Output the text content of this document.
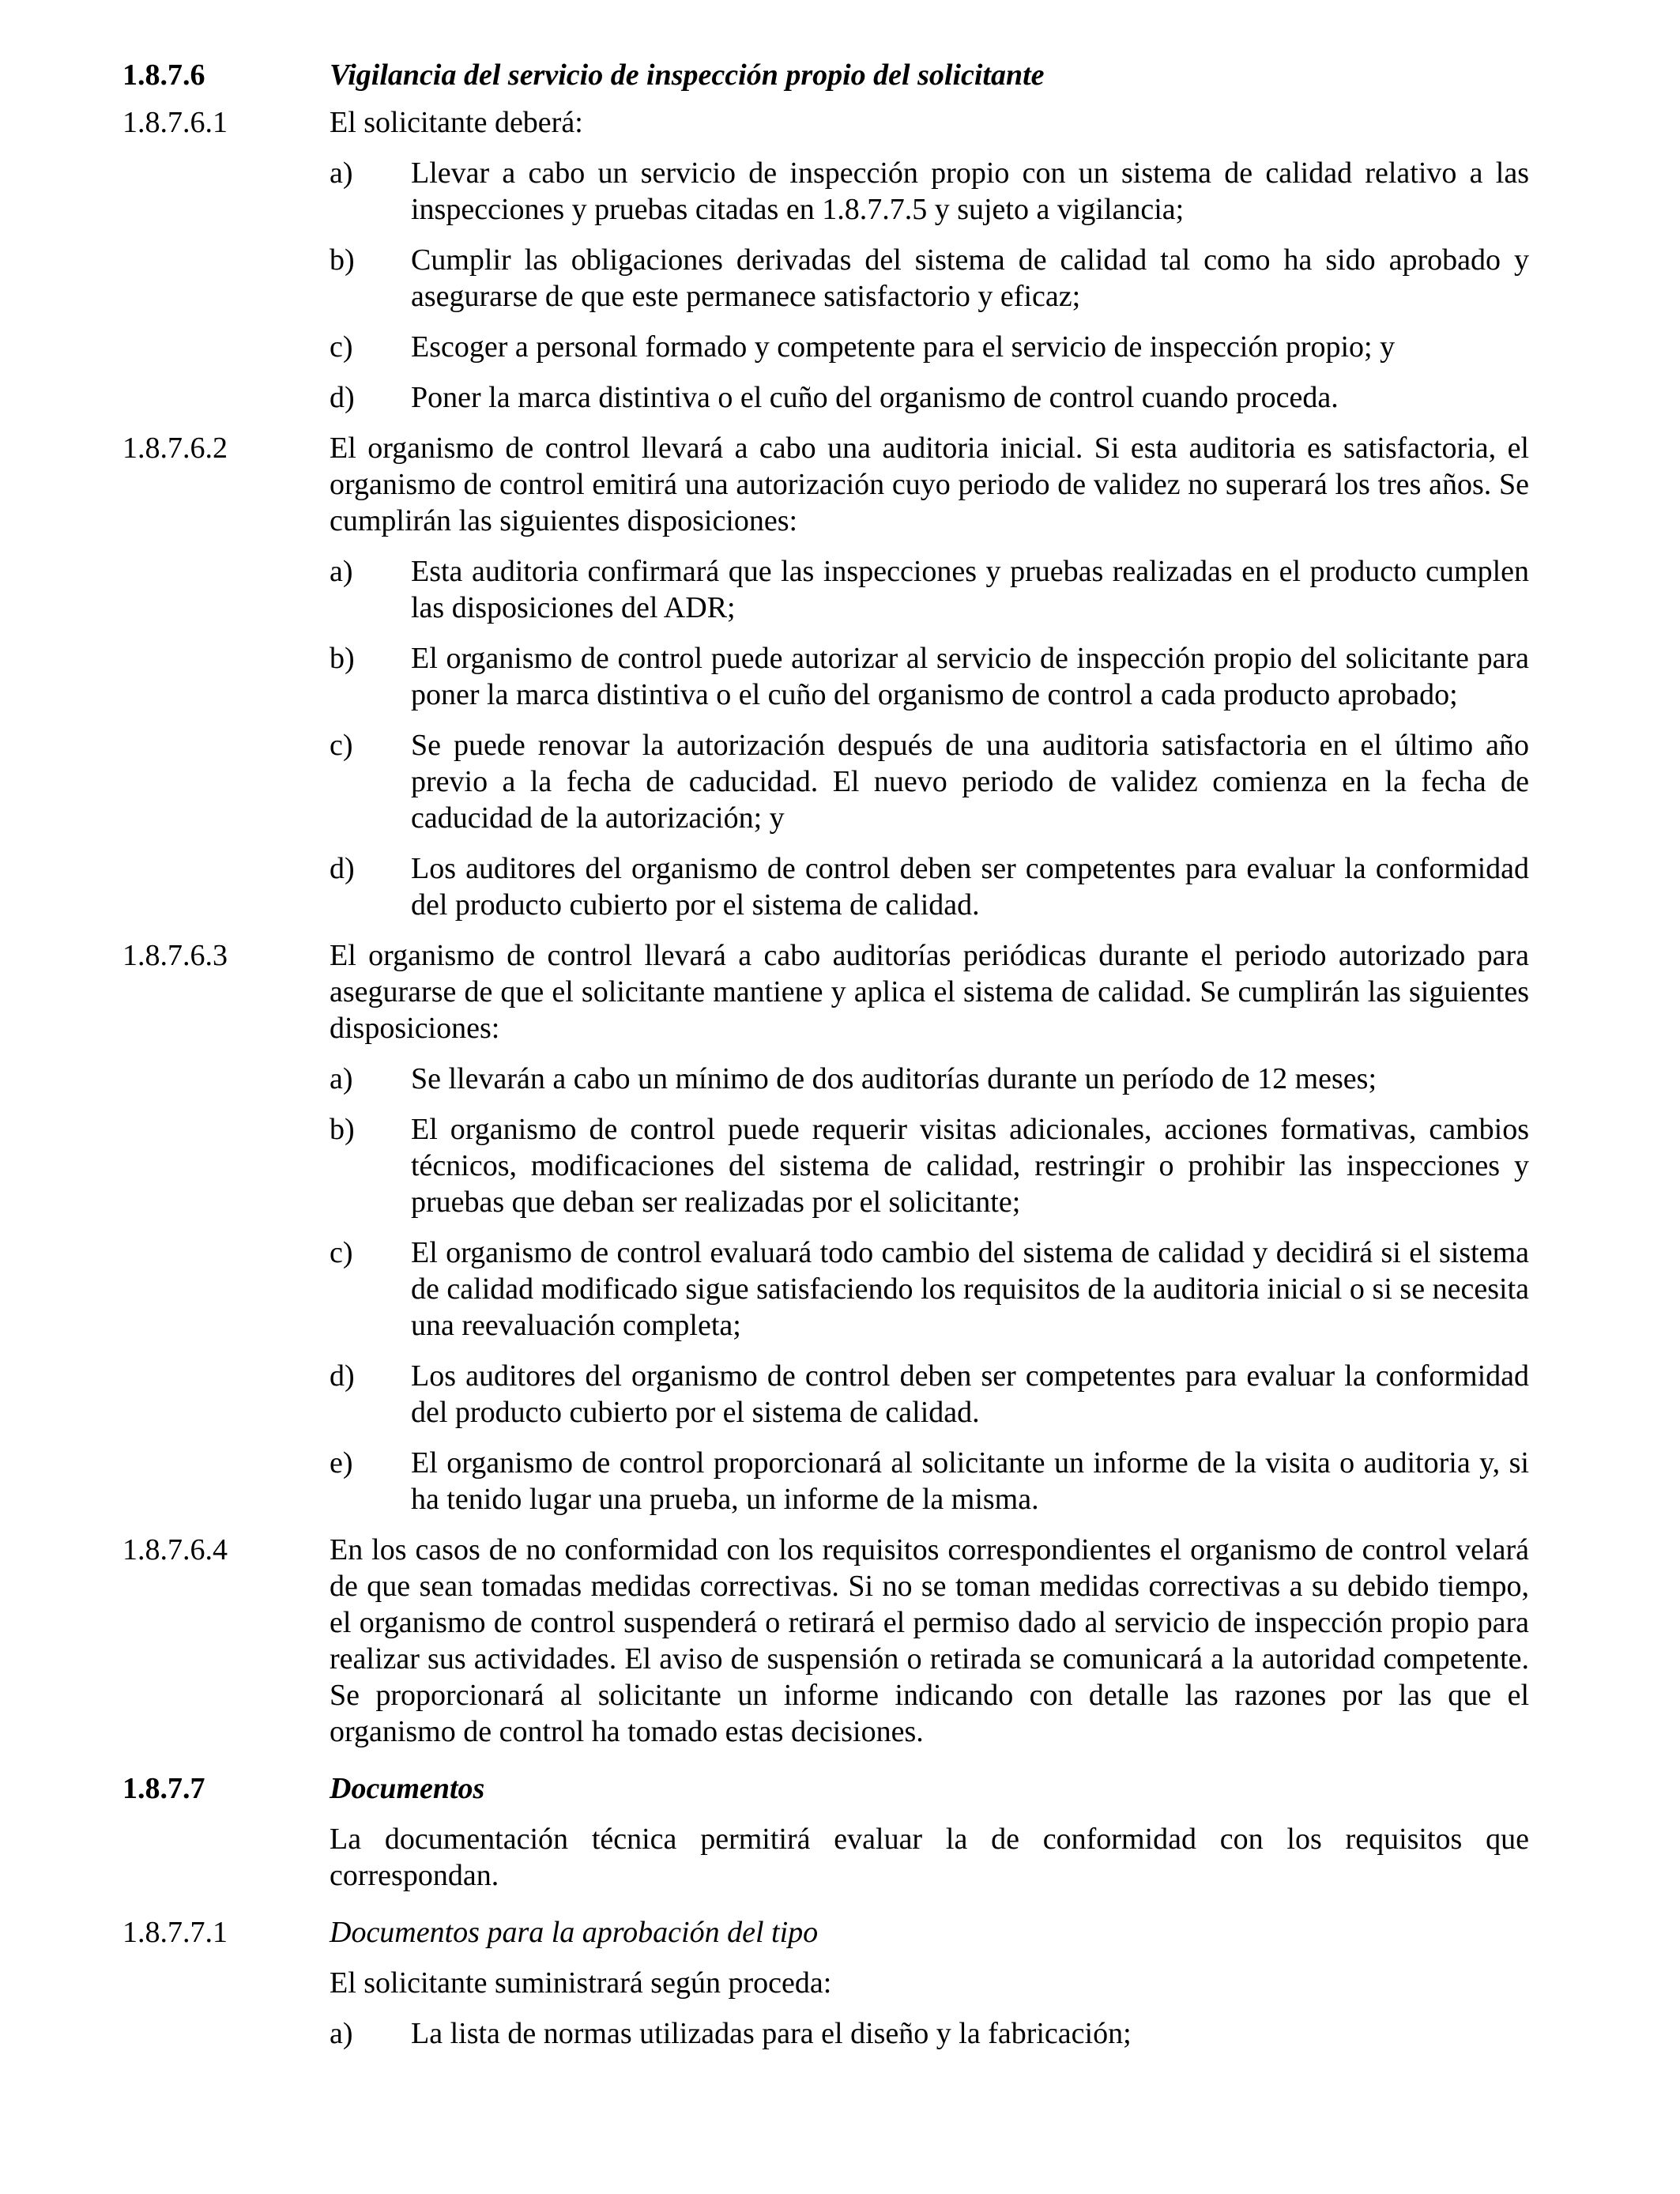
1.8.7.6	Vigilancia del servicio de inspección propio del solicitante
1.8.7.6.1	El solicitante deberá:

a)	Llevar a cabo un servicio de inspección propio con un sistema de calidad relativo a las inspecciones y pruebas citadas en 1.8.7.7.5 y sujeto a vigilancia;
b)	Cumplir las obligaciones derivadas del sistema de calidad tal como ha sido aprobado y asegurarse de que este permanece satisfactorio y eficaz;
c)	Escoger a personal formado y competente para el servicio de inspección propio; y
d)	Poner la marca distintiva o el cuño del organismo de control cuando proceda.
1.8.7.6.2	El organismo de control llevará a cabo una auditoria inicial. Si esta auditoria es satisfactoria, el organismo de control emitirá una autorización cuyo periodo de validez no superará los tres años. Se cumplirán las siguientes disposiciones:

a)	Esta auditoria confirmará que las inspecciones y pruebas realizadas en el producto cumplen las disposiciones del ADR;
b)	El organismo de control puede autorizar al servicio de inspección propio del solicitante para poner la marca distintiva o el cuño del organismo de control a cada producto aprobado;
c)	Se puede renovar la autorización después de una auditoria satisfactoria en el último año previo a la fecha de caducidad. El nuevo periodo de validez comienza en la fecha de caducidad de la autorización; y
d)	Los auditores del organismo de control deben ser competentes para evaluar la conformidad del producto cubierto por el sistema de calidad.
1.8.7.6.3	El organismo de control llevará a cabo auditorías periódicas durante el periodo autorizado para asegurarse de que el solicitante mantiene y aplica el sistema de calidad. Se cumplirán las siguientes disposiciones:

a)	Se llevarán a cabo un mínimo de dos auditorías durante un período de 12 meses;
b)	El organismo de control puede requerir visitas adicionales, acciones formativas, cambios técnicos, modificaciones del sistema de calidad, restringir o prohibir las inspecciones y pruebas que deban ser realizadas por el solicitante;
c)	El organismo de control evaluará todo cambio del sistema de calidad y decidirá si el sistema de calidad modificado sigue satisfaciendo los requisitos de la auditoria inicial o si se necesita una reevaluación completa;
d)	Los auditores del organismo de control deben ser competentes para evaluar la conformidad del producto cubierto por el sistema de calidad.
e)	El organismo de control proporcionará al solicitante un informe de la visita o auditoria y, si ha tenido lugar una prueba, un informe de la misma.
1.8.7.6.4	En los casos de no conformidad con los requisitos correspondientes el organismo de control velará de que sean tomadas medidas correctivas. Si no se toman medidas correctivas a su debido tiempo, el organismo de control suspenderá o retirará el permiso dado al servicio de inspección propio para realizar sus actividades. El aviso de suspensión o retirada se comunicará a la autoridad competente. Se proporcionará al solicitante un informe indicando con detalle las razones por las que el organismo de control ha tomado estas decisiones.

1.8.7.7	Documentos

La documentación técnica permitirá evaluar la de conformidad con los requisitos que correspondan.

1.8.7.7.1	Documentos para la aprobación del tipo

El solicitante suministrará según proceda:

a)	La lista de normas utilizadas para el diseño y la fabricación;
